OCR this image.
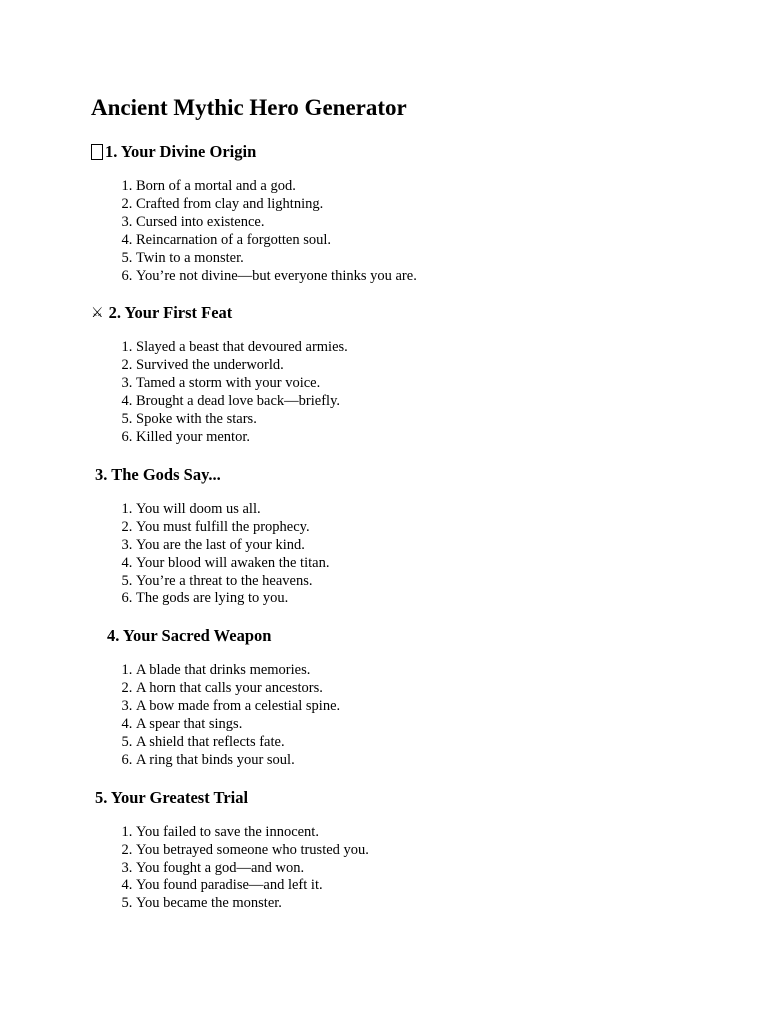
Ancient Mythic Hero Generator
1. Your Divine Origin
1. Born of a mortal and a god.
2. Crafted from clay and lightning.
3. Cursed into existence.
4. Reincarnation of a forgotten soul.
5. Twin to a monster.
6. You’re not divine—but everyone thinks you are.
⚔ 2. Your First Feat
1. Slayed a beast that devoured armies.
2. Survived the underworld.
3. Tamed a storm with your voice.
4. Brought a dead love back—briefly.
5. Spoke with the stars.
6. Killed your mentor.
3. The Gods Say...
1. You will doom us all.
2. You must fulfill the prophecy.
3. You are the last of your kind.
4. Your blood will awaken the titan.
5. You’re a threat to the heavens.
6. The gods are lying to you.
4. Your Sacred Weapon
1. A blade that drinks memories.
2. A horn that calls your ancestors.
3. A bow made from a celestial spine.
4. A spear that sings.
5. A shield that reflects fate.
6. A ring that binds your soul.
5. Your Greatest Trial
1. You failed to save the innocent.
2. You betrayed someone who trusted you.
3. You fought a god—and won.
4. You found paradise—and left it.
5. You became the monster.
